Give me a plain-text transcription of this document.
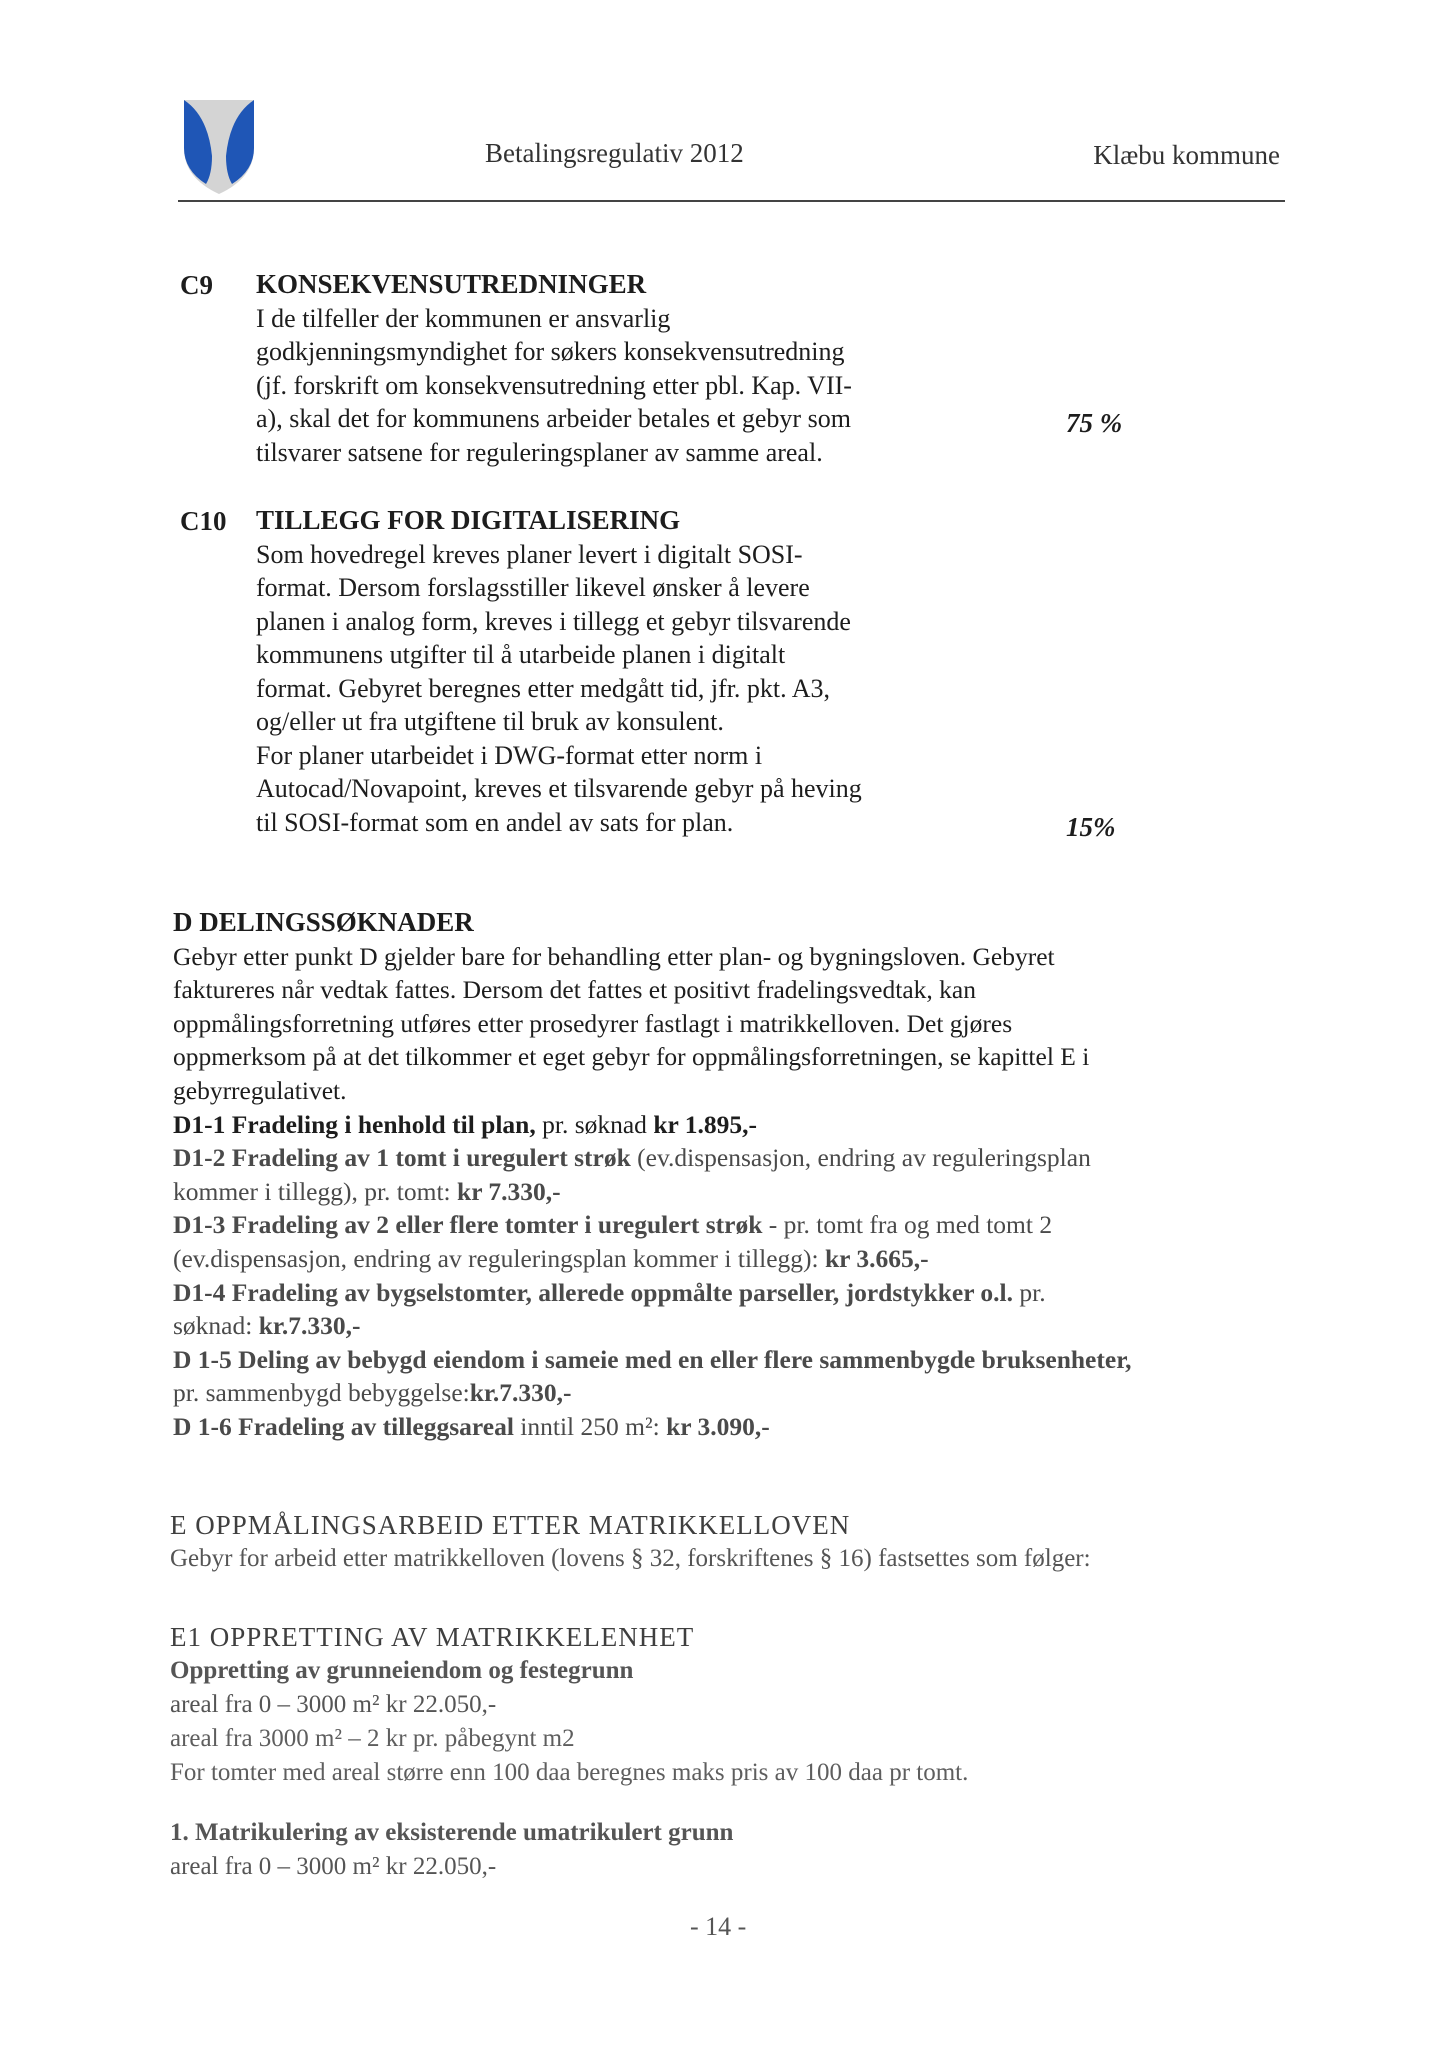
Betalingsregulativ 2012	Klæbu kommune
C9 KONSEKVENSUTREDNINGER
I de tilfeller der kommunen er ansvarlig
godkjenningsmyndighet for søkers konsekvensutredning
(jf. forskrift om konsekvensutredning etter pbl. Kap. VII-
a), skal det for kommunens arbeider betales et gebyr som
tilsvarer satsene for reguleringsplaner av samme areal.
75 %
C10 TILLEGG FOR DIGITALISERING
Som hovedregel kreves planer levert i digitalt SOSI-
format. Dersom forslagsstiller likevel ønsker å levere
planen i analog form, kreves i tillegg et gebyr tilsvarende
kommunens utgifter til å utarbeide planen i digitalt
format. Gebyret beregnes etter medgått tid, jfr. pkt. A3,
og/eller ut fra utgiftene til bruk av konsulent.
For planer utarbeidet i DWG-format etter norm i
Autocad/Novapoint, kreves et tilsvarende gebyr på heving
til SOSI-format som en andel av sats for plan.	15%
D DELINGSSØKNADER
Gebyr etter punkt D gjelder bare for behandling etter plan- og bygningsloven. Gebyret
faktureres når vedtak fattes. Dersom det fattes et positivt fradelingsvedtak, kan
oppmålingsforretning utføres etter prosedyrer fastlagt i matrikkelloven. Det gjøres
oppmerksom på at det tilkommer et eget gebyr for oppmålingsforretningen, se kapittel E i
gebyrregulativet.
D1-1 Fradeling i henhold til plan, pr. søknad kr 1.895,-
D1-2 Fradeling av 1 tomt i uregulert strøk (ev.dispensasjon, endring av reguleringsplan
kommer i tillegg), pr. tomt: kr 7.330,-
D1-3 Fradeling av 2 eller flere tomter i uregulert strøk - pr. tomt fra og med tomt 2
(ev.dispensasjon, endring av reguleringsplan kommer i tillegg): kr 3.665,-
D1-4 Fradeling av bygselstomter, allerede oppmålte parseller, jordstykker o.l. pr.
søknad: kr.7.330,-
D 1-5 Deling av bebygd eiendom i sameie med en eller flere sammenbygde bruksenheter,
pr. sammenbygd bebyggelse:kr.7.330,-
D 1-6 Fradeling av tilleggsareal inntil 250 m²: kr 3.090,-
E OPPMÅLINGSARBEID ETTER MATRIKKELLOVEN
Gebyr for arbeid etter matrikkelloven (lovens § 32, forskriftenes § 16) fastsettes som følger:
E1 OPPRETTING AV MATRIKKELENHET
Oppretting av grunneiendom og festegrunn
areal fra 0 – 3000 m² kr 22.050,-
areal fra 3000 m² – 2 kr pr. påbegynt m2
For tomter med areal større enn 100 daa beregnes maks pris av 100 daa pr tomt.
1. Matrikulering av eksisterende umatrikulert grunn
areal fra 0 – 3000 m² kr 22.050,-
- 14 -
